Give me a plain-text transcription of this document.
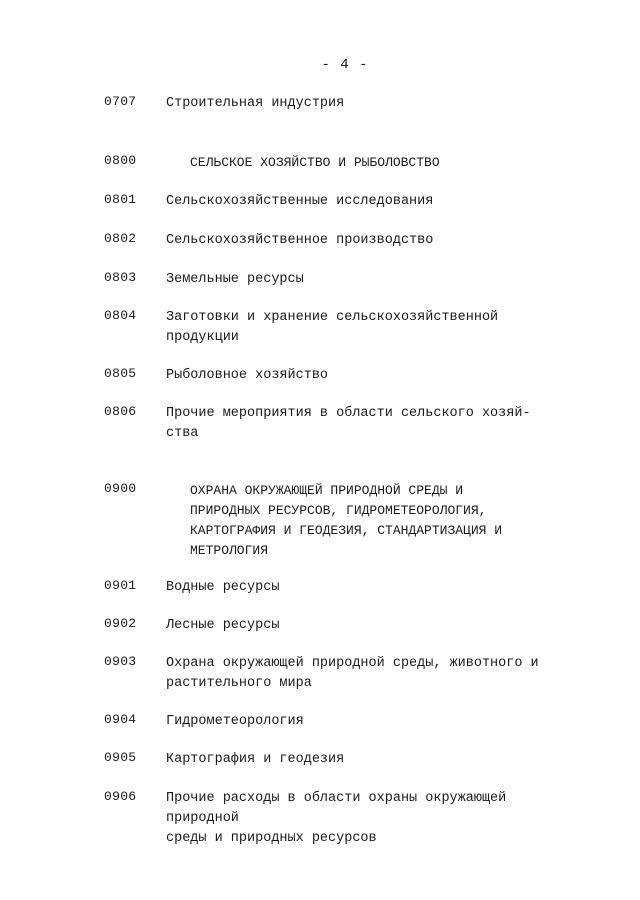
- 4 -
0707 Строительная индустрия
0800	СЕЛЬСКОЕ ХОЗЯЙСТВО И РЫБОЛОВСТВО
0801 Сельскохозяйственные исследования
0802 Сельскохозяйственное производство
0803 Земельные ресурсы
0804 Заготовки и хранение сельскохозяйственной
продукции
0805 Рыболовное хозяйство
0806 Прочие мероприятия в области сельского хозяй-
ства
0900	ОХРАНА ОКРУЖАЮЩЕЙ ПРИРОДНОЙ СРЕДЫ И
ПРИРОДНЫХ РЕСУРСОВ, ГИДРОМЕТЕОРОЛОГИЯ,
КАРТОГРАФИЯ И ГЕОДЕЗИЯ, СТАНДАРТИЗАЦИЯ И
МЕТРОЛОГИЯ
0901 Водные ресурсы
0902 Лесные ресурсы
0903 Охрана окружающей природной среды, животного и
растительного мира
0904 Гидрометеорология
0905 Картография и геодезия
0906 Прочие расходы в области охраны окружающей природной
среды и природных ресурсов
